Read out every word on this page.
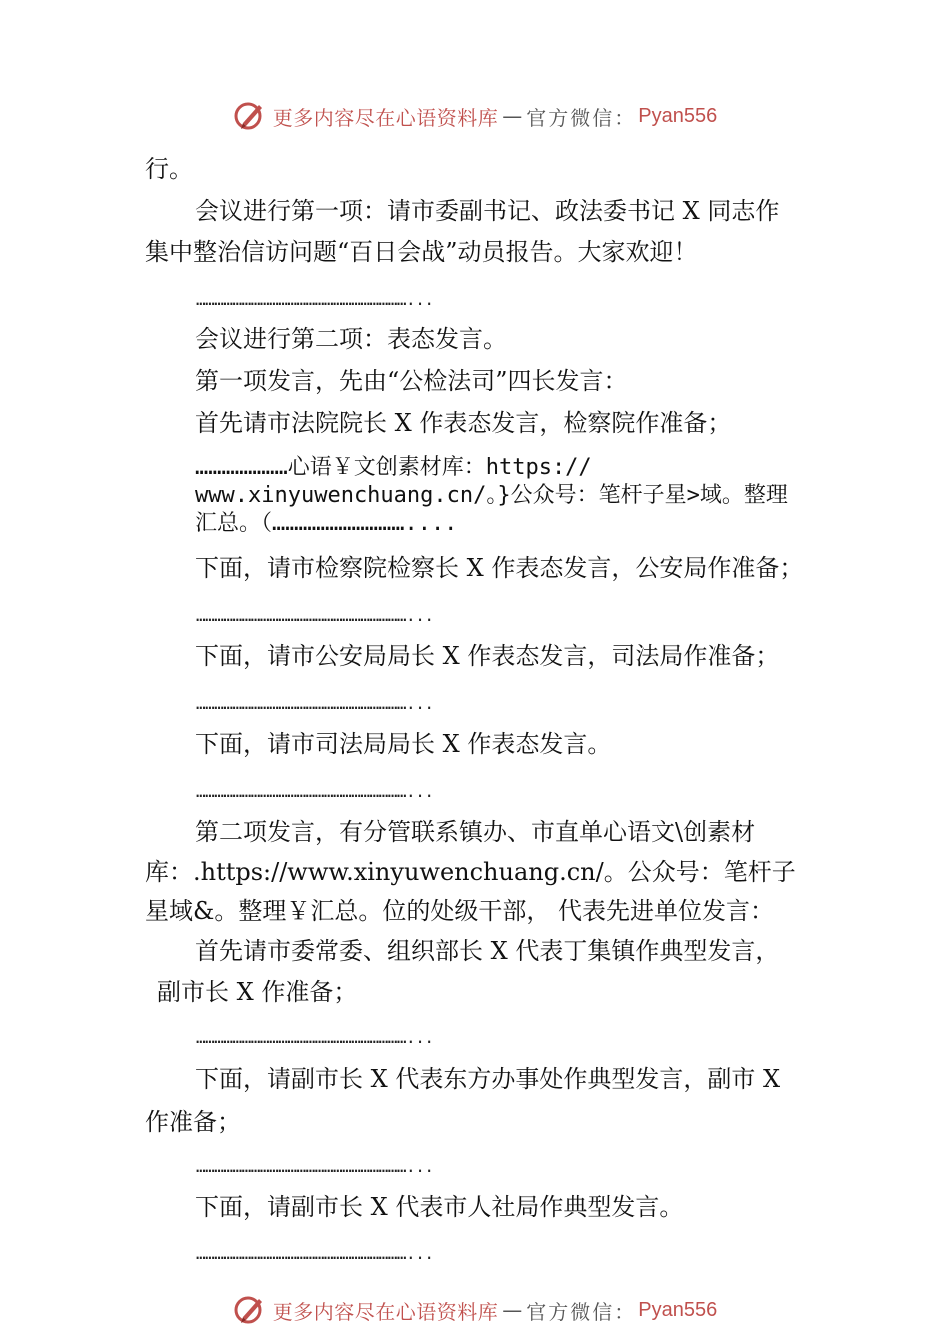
更多内容尽在心语资料库 — 官方微信： Pyan556
行。
会议进行第一项：请市委副书记、政法委书记 X 同志作
集中整治信访问题“百日会战”动员报告。大家欢迎！
……………………………………………………………...
会议进行第二项：表态发言。
第一项发言，先由“公检法司”四长发言：
首先请市法院院长 X 作表态发言，检察院作准备；
…………………心语￥文创素材库：https://
www.xinyuwenchuang.cn/。}公众号：笔杆子星>域。整理
汇总。（…………………………....
下面，请市检察院检察长 X 作表态发言，公安局作准备；
……………………………………………………………...
下面，请市公安局局长 X 作表态发言，司法局作准备；
……………………………………………………………...
下面，请市司法局局长 X 作表态发言。
……………………………………………………………...
第二项发言，有分管联系镇办、市直单心语文\创素材
库：.https://www.xinyuwenchuang.cn/。公众号：笔杆子
星域&。整理￥汇总。位的处级干部， 代表先进单位发言：
首先请市委常委、组织部长 X 代表丁集镇作典型发言，
副市长 X 作准备；
……………………………………………………………...
下面，请副市长 X 代表东方办事处作典型发言，副市 X
作准备；
……………………………………………………………...
下面，请副市长 X 代表市人社局作典型发言。
……………………………………………………………...
更多内容尽在心语资料库 — 官方微信： Pyan556
